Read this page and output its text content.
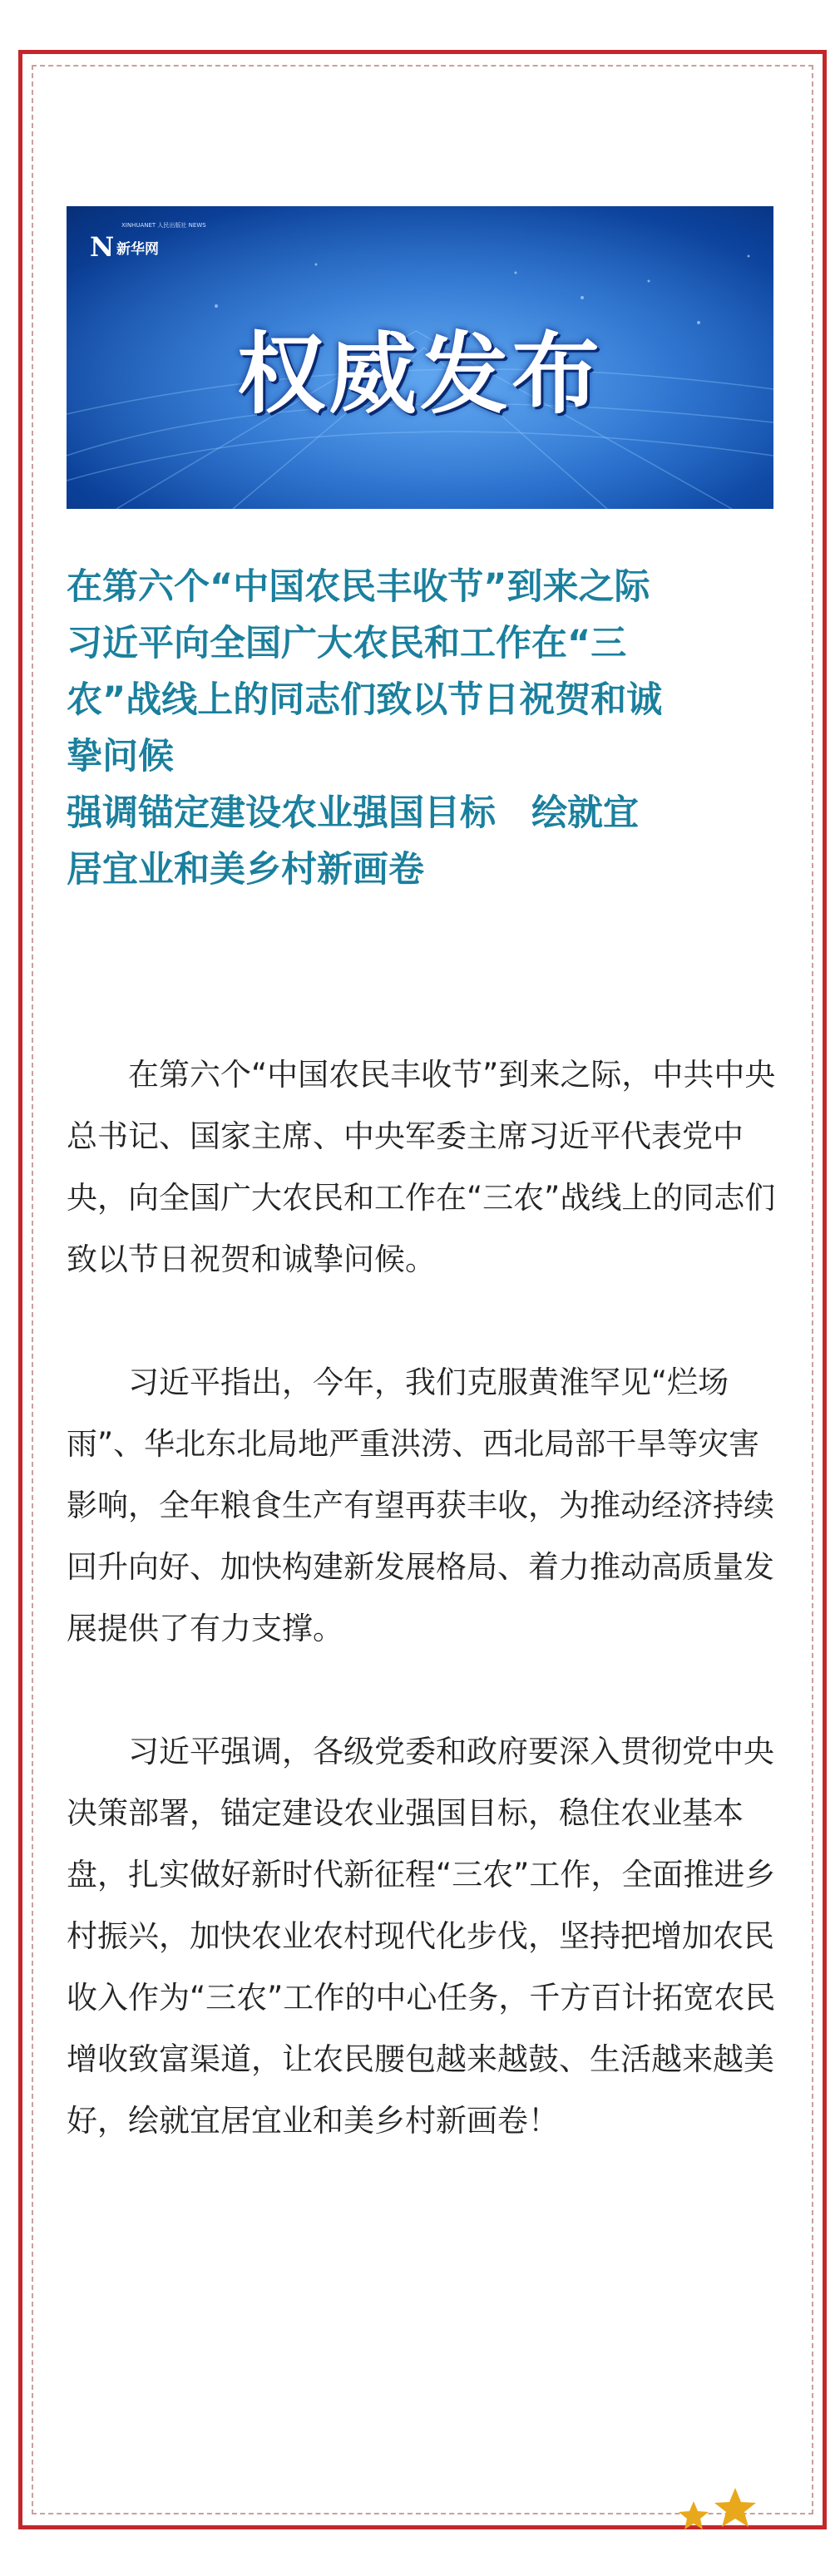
N 新华网
XINHUANET 人民出版社 NEWS
权威发布
在第六个“中国农民丰收节”到来之际
习近平向全国广大农民和工作在“三
农”战线上的同志们致以节日祝贺和诚
挚问候
强调锚定建设农业强国目标　绘就宜
居宜业和美乡村新画卷

在第六个“中国农民丰收节”到来之际，中共中央总书记、国家主席、中央军委主席习近平代表党中央，向全国广大农民和工作在“三农”战线上的同志们致以节日祝贺和诚挚问候。

习近平指出，今年，我们克服黄淮罕见“烂场雨”、华北东北局地严重洪涝、西北局部干旱等灾害影响，全年粮食生产有望再获丰收，为推动经济持续回升向好、加快构建新发展格局、着力推动高质量发展提供了有力支撑。

习近平强调，各级党委和政府要深入贯彻党中央决策部署，锚定建设农业强国目标，稳住农业基本盘，扎实做好新时代新征程“三农”工作，全面推进乡村振兴，加快农业农村现代化步伐，坚持把增加农民收入作为“三农”工作的中心任务，千方百计拓宽农民增收致富渠道，让农民腰包越来越鼓、生活越来越美好，绘就宜居宜业和美乡村新画卷！
